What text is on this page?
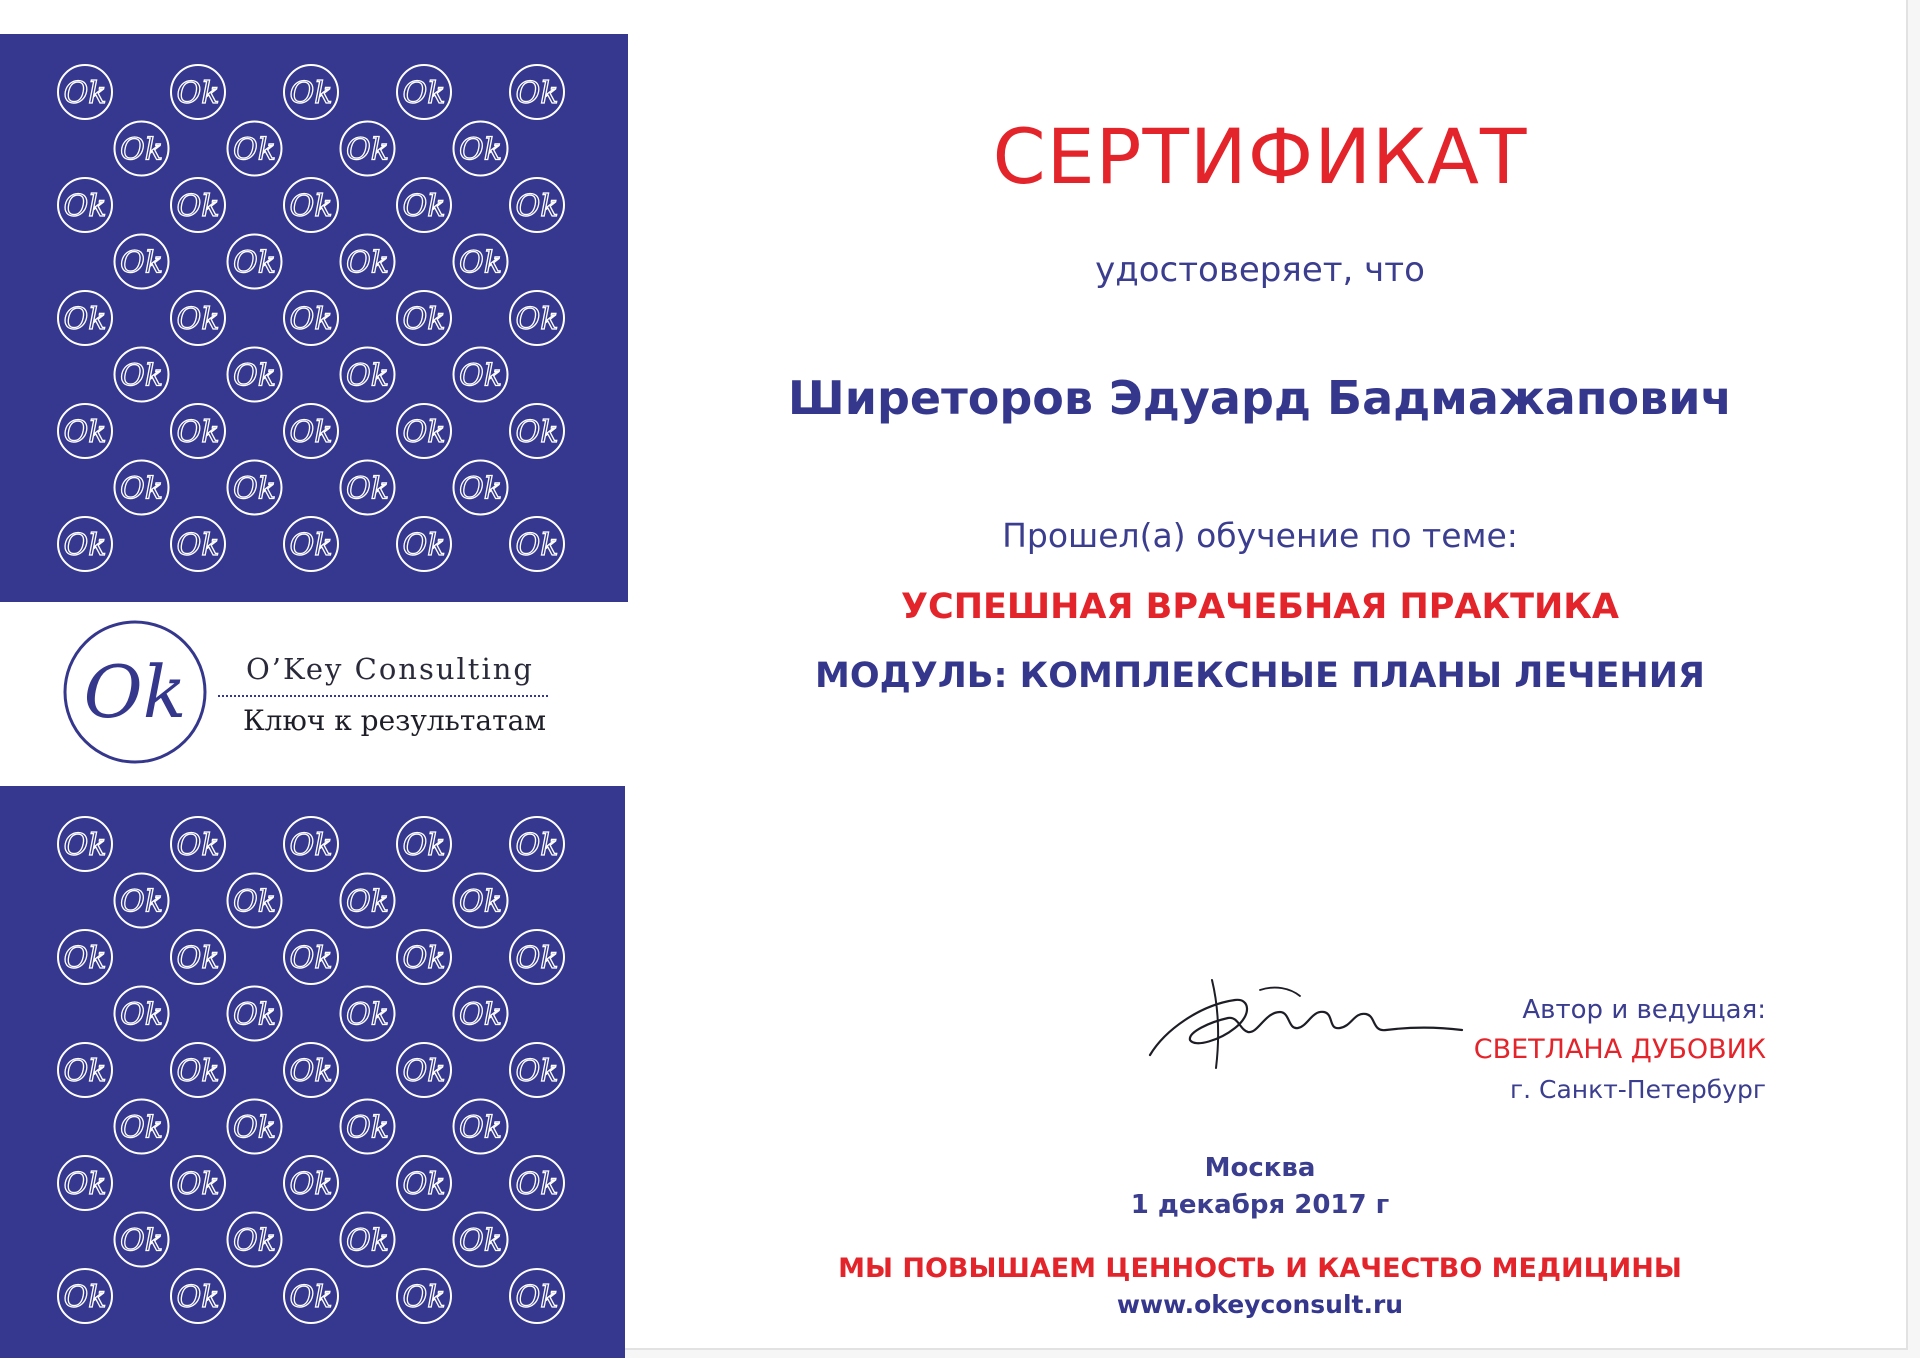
Ok Ok Ok Ok Ok
Ok Ok Ok Ok
Ok Ok Ok Ok Ok
Ok Ok Ok Ok
Ok Ok Ok Ok Ok
Ok Ok Ok Ok
Ok Ok Ok Ok Ok
Ok Ok Ok Ok
Ok Ok Ok Ok Ok
Ok O’Key Consulting
Ключ к результатам
Ok Ok Ok Ok Ok
Ok Ok Ok Ok
Ok Ok Ok Ok Ok
Ok Ok Ok Ok
Ok Ok Ok Ok Ok
Ok Ok Ok Ok
Ok Ok Ok Ok Ok
Ok Ok Ok Ok
Ok Ok Ok Ok Ok
СЕРТИФИКАТ
удостоверяет, что
Ширеторов Эдуард Бадмажапович
Прошел(а) обучение по теме:
УСПЕШНАЯ ВРАЧЕБНАЯ ПРАКТИКА
МОДУЛЬ: КОМПЛЕКСНЫЕ ПЛАНЫ ЛЕЧЕНИЯ
Автор и ведущая:
СВЕТЛАНА ДУБОВИК
г. Санкт-Петербург
Москва
1 декабря 2017 г
МЫ ПОВЫШАЕМ ЦЕННОСТЬ И КАЧЕСТВО МЕДИЦИНЫ
www.okeyconsult.ru
